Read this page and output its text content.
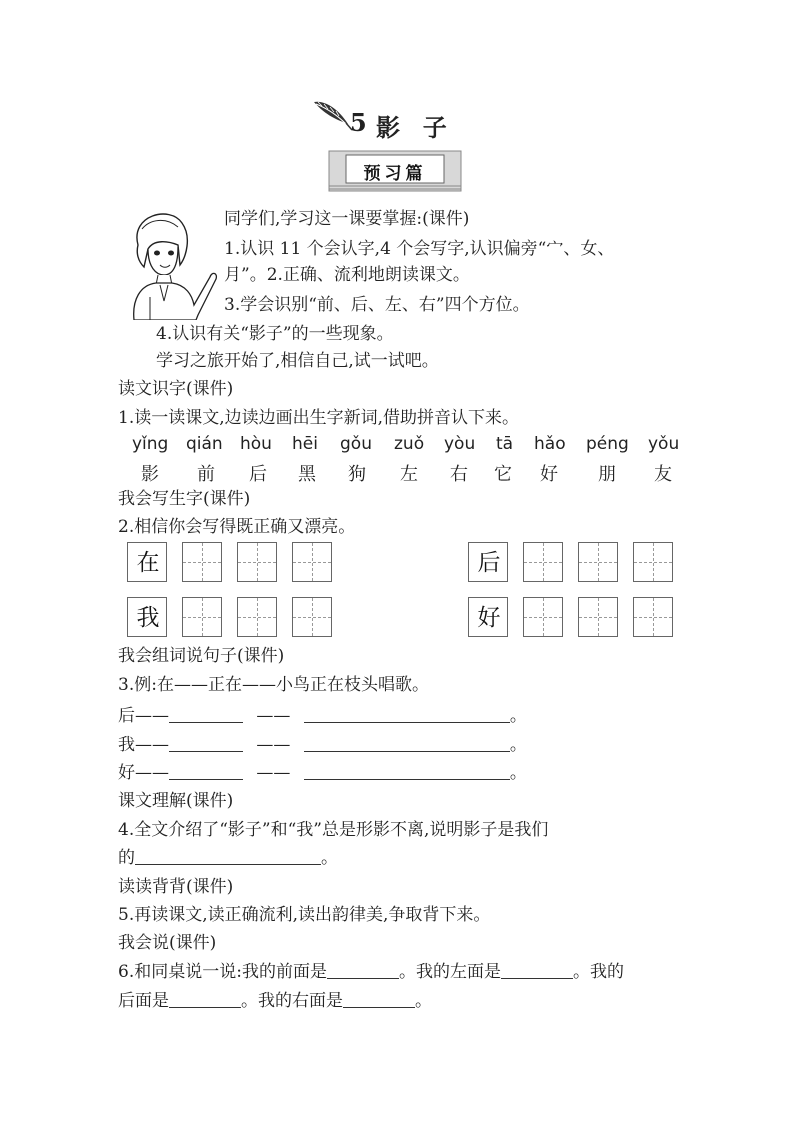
5 影  子
预习篇
同学们,学习这一课要掌握:(课件)
1.认识 11 个会认字,4 个会写字,认识偏旁“宀、女、
月”。2.正确、流利地朗读课文。
3.学会识别“前、后、左、右”四个方位。
4.认识有关“影子”的一些现象。
学习之旅开始了,相信自己,试一试吧。
读文识字(课件)
1.读一读课文,边读边画出生字新词,借助拼音认下来。
yǐng qián hòu hēi gǒu zuǒ yòu tā hǎo péng yǒu
影 前 后 黑 狗 左 右 它 好 朋 友
我会写生字(课件)
2.相信你会写得既正确又漂亮。
在	后
我	好
我会组词说句子(课件)
3.例:在——正在——小鸟正在枝头唱歌。
后——	——	。
我——	——	。
好——	——	。
课文理解(课件)
4.全文介绍了“影子”和“我”总是形影不离,说明影子是我们
的	。
读读背背(课件)
5.再读课文,读正确流利,读出韵律美,争取背下来。
我会说(课件)
6.和同桌说一说:我的前面是	。我的左面是	。我的
后面是	。我的右面是	。
